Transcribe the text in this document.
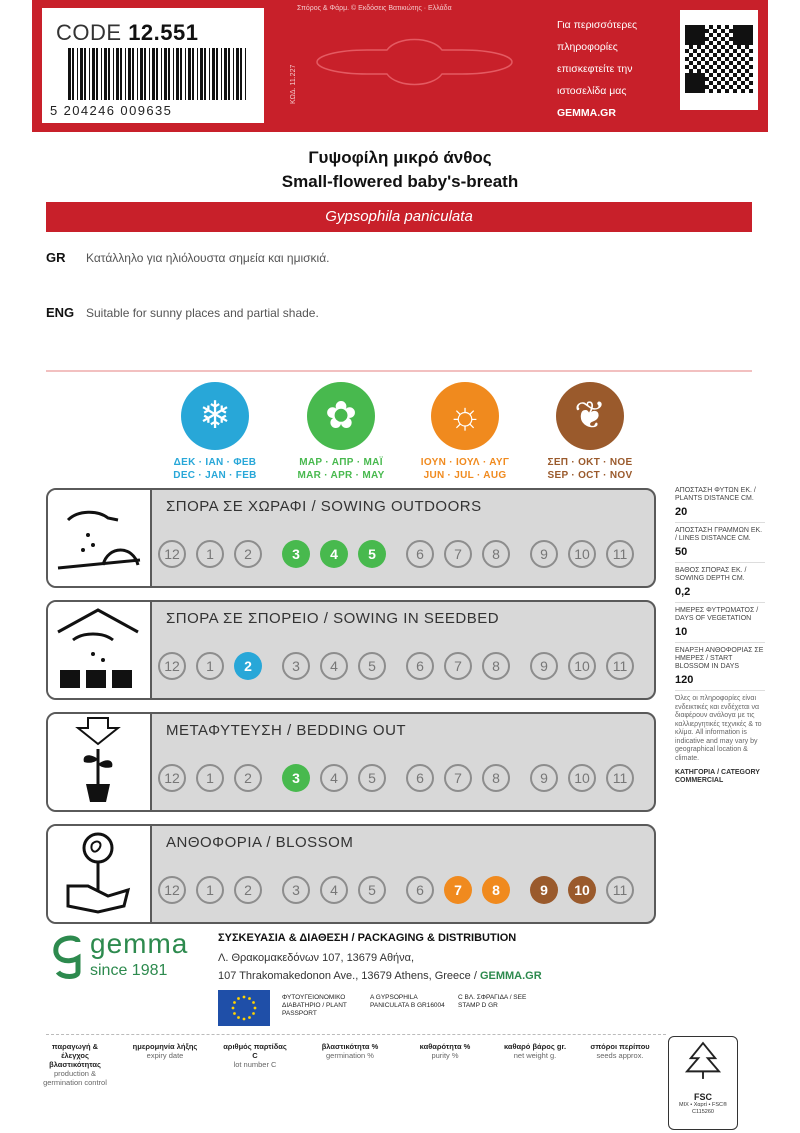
CODE 12.551
5 204246 009635
Σπόρος & Φάρμ. © Εκδόσεις Βατικιώτης · Ελλάδα
ΚΩΔ. 11.227
Για περισσότερες
πληροφορίες
επισκεφτείτε την
ιστοσελίδα μας
GEMMA.GR
Γυψοφίλη μικρό άνθος
Small-flowered baby's-breath
Gypsophila paniculata
GR Κατάλληλο για ηλιόλουστα σημεία και ημισκιά.
ENG Suitable for sunny places and partial shade.
❄
ΔΕΚ · ΙΑΝ · ΦΕΒ
DEC · JAN · FEB
✿
ΜΑΡ · ΑΠΡ · ΜΑΪ
MAR · APR · MAY
☼
ΙΟΥΝ · ΙΟΥΛ · ΑΥΓ
JUN · JUL · AUG
❦
ΣΕΠ · ΟΚΤ · ΝΟΕ
SEP · OCT · NOV
ΣΠΟΡΑ ΣΕ ΧΩΡΑΦΙ / SOWING OUTDOORS
12	1	2	3	4	5	6	7	8	9	10	11
ΣΠΟΡΑ ΣΕ ΣΠΟΡΕΙΟ / SOWING IN SEEDBED
12	1	2	3	4	5	6	7	8	9	10	11
ΜΕΤΑΦΥΤΕΥΣΗ / BEDDING OUT
12	1	2	3	4	5	6	7	8	9	10	11
ΑΝΘΟΦΟΡΙΑ / BLOSSOM
12	1	2	3	4	5	6	7	8	9	10	11
ΑΠΟΣΤΑΣΗ ΦΥΤΩΝ ΕΚ. / PLANTS DISTANCE CM.
20
ΑΠΟΣΤΑΣΗ ΓΡΑΜΜΩΝ ΕΚ. / LINES DISTANCE CM.
50
ΒΑΘΟΣ ΣΠΟΡΑΣ ΕΚ. / SOWING DEPTH CM.
0,2
ΗΜΕΡΕΣ ΦΥΤΡΩΜΑΤΟΣ / DAYS OF VEGETATION
10
ΕΝΑΡΞΗ ΑΝΘΟΦΟΡΙΑΣ ΣΕ ΗΜΕΡΕΣ / START BLOSSOM IN DAYS
120
Όλες οι πληροφορίες είναι ενδεικτικές και ενδέχεται να διαφέρουν ανάλογα με τις καλλιεργητικές τεχνικές & το κλίμα. All information is indicative and may vary by geographical location & climate.
ΚΑΤΗΓΟΡΙΑ / CATEGORY COMMERCIAL
gemma
since 1981
ΣΥΣΚΕΥΑΣΙΑ & ΔΙΑΘΕΣΗ / PACKAGING & DISTRIBUTION
Λ. Θρακομακεδόνων 107, 13679 Αθήνα,
107 Thrakomakedonon Ave., 13679 Athens, Greece / GEMMA.GR
ΦΥΤΟΥΓΕΙΟΝΟΜΙΚΟ ΔΙΑΒΑΤΗΡΙΟ / PLANT PASSPORT
A GYPSOPHILA PANICULATA B GR16004
C ΒΛ. ΣΦΡΑΓΙΔΑ / SEE STAMP D GR
παραγωγή & έλεγχος βλαστικότητας
production & germination control
ημερομηνία λήξης
expiry date
αριθμός παρτίδας C
lot number C
βλαστικότητα %
germination %
καθαρότητα %
purity %
καθαρό βάρος gr.
net weight g.
σπόροι περίπου
seeds approx.
FSC
MIX • Χαρτί • FSC® C115260
